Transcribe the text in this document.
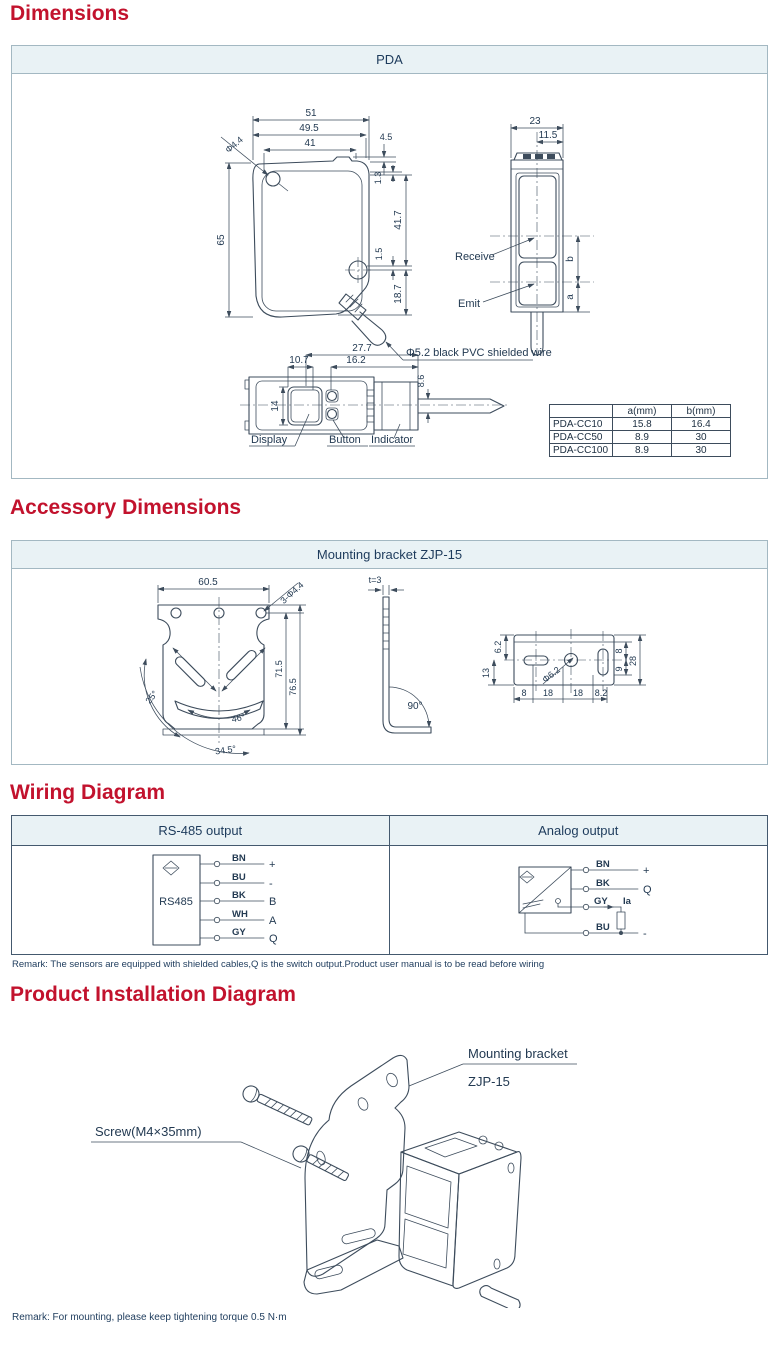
Dimensions
Accessory Dimensions
Wiring Diagram
Product Installation Diagram
PDA
Φ4.4
51
49.5
41
4.5
65
1.3
41.7
1.5
18.7
23
11.5
Receive
Emit
b
a
27.7
10.7	16.2
14
8.6
Display	Button Indicator
Φ5.2 black PVC shielded wire
	a(mm)	b(mm)
PDA-CC10	15.8	16.4
PDA-CC50	8.9	30
PDA-CC100	8.9	30
Mounting bracket ZJP-15
25°
46°
34.5°
60.5	3-Φ4.4
71.5
76.5
t=3
90°
Φ6.2
6.2
13
8 18 18 8.2
8
9
28
RS-485 output	Analog output
RS485
BN
+
BU
-
BK
B
WH
A
GY
Q
BN
+
BK
Q
GY Ia
BU
-
Remark: The sensors are equipped with shielded cables,Q is the switch output.Product user manual is to be read before wiring
Mounting bracket
ZJP-15
Screw(M4×35mm)
Remark: For mounting, please keep tightening torque 0.5 N·m
